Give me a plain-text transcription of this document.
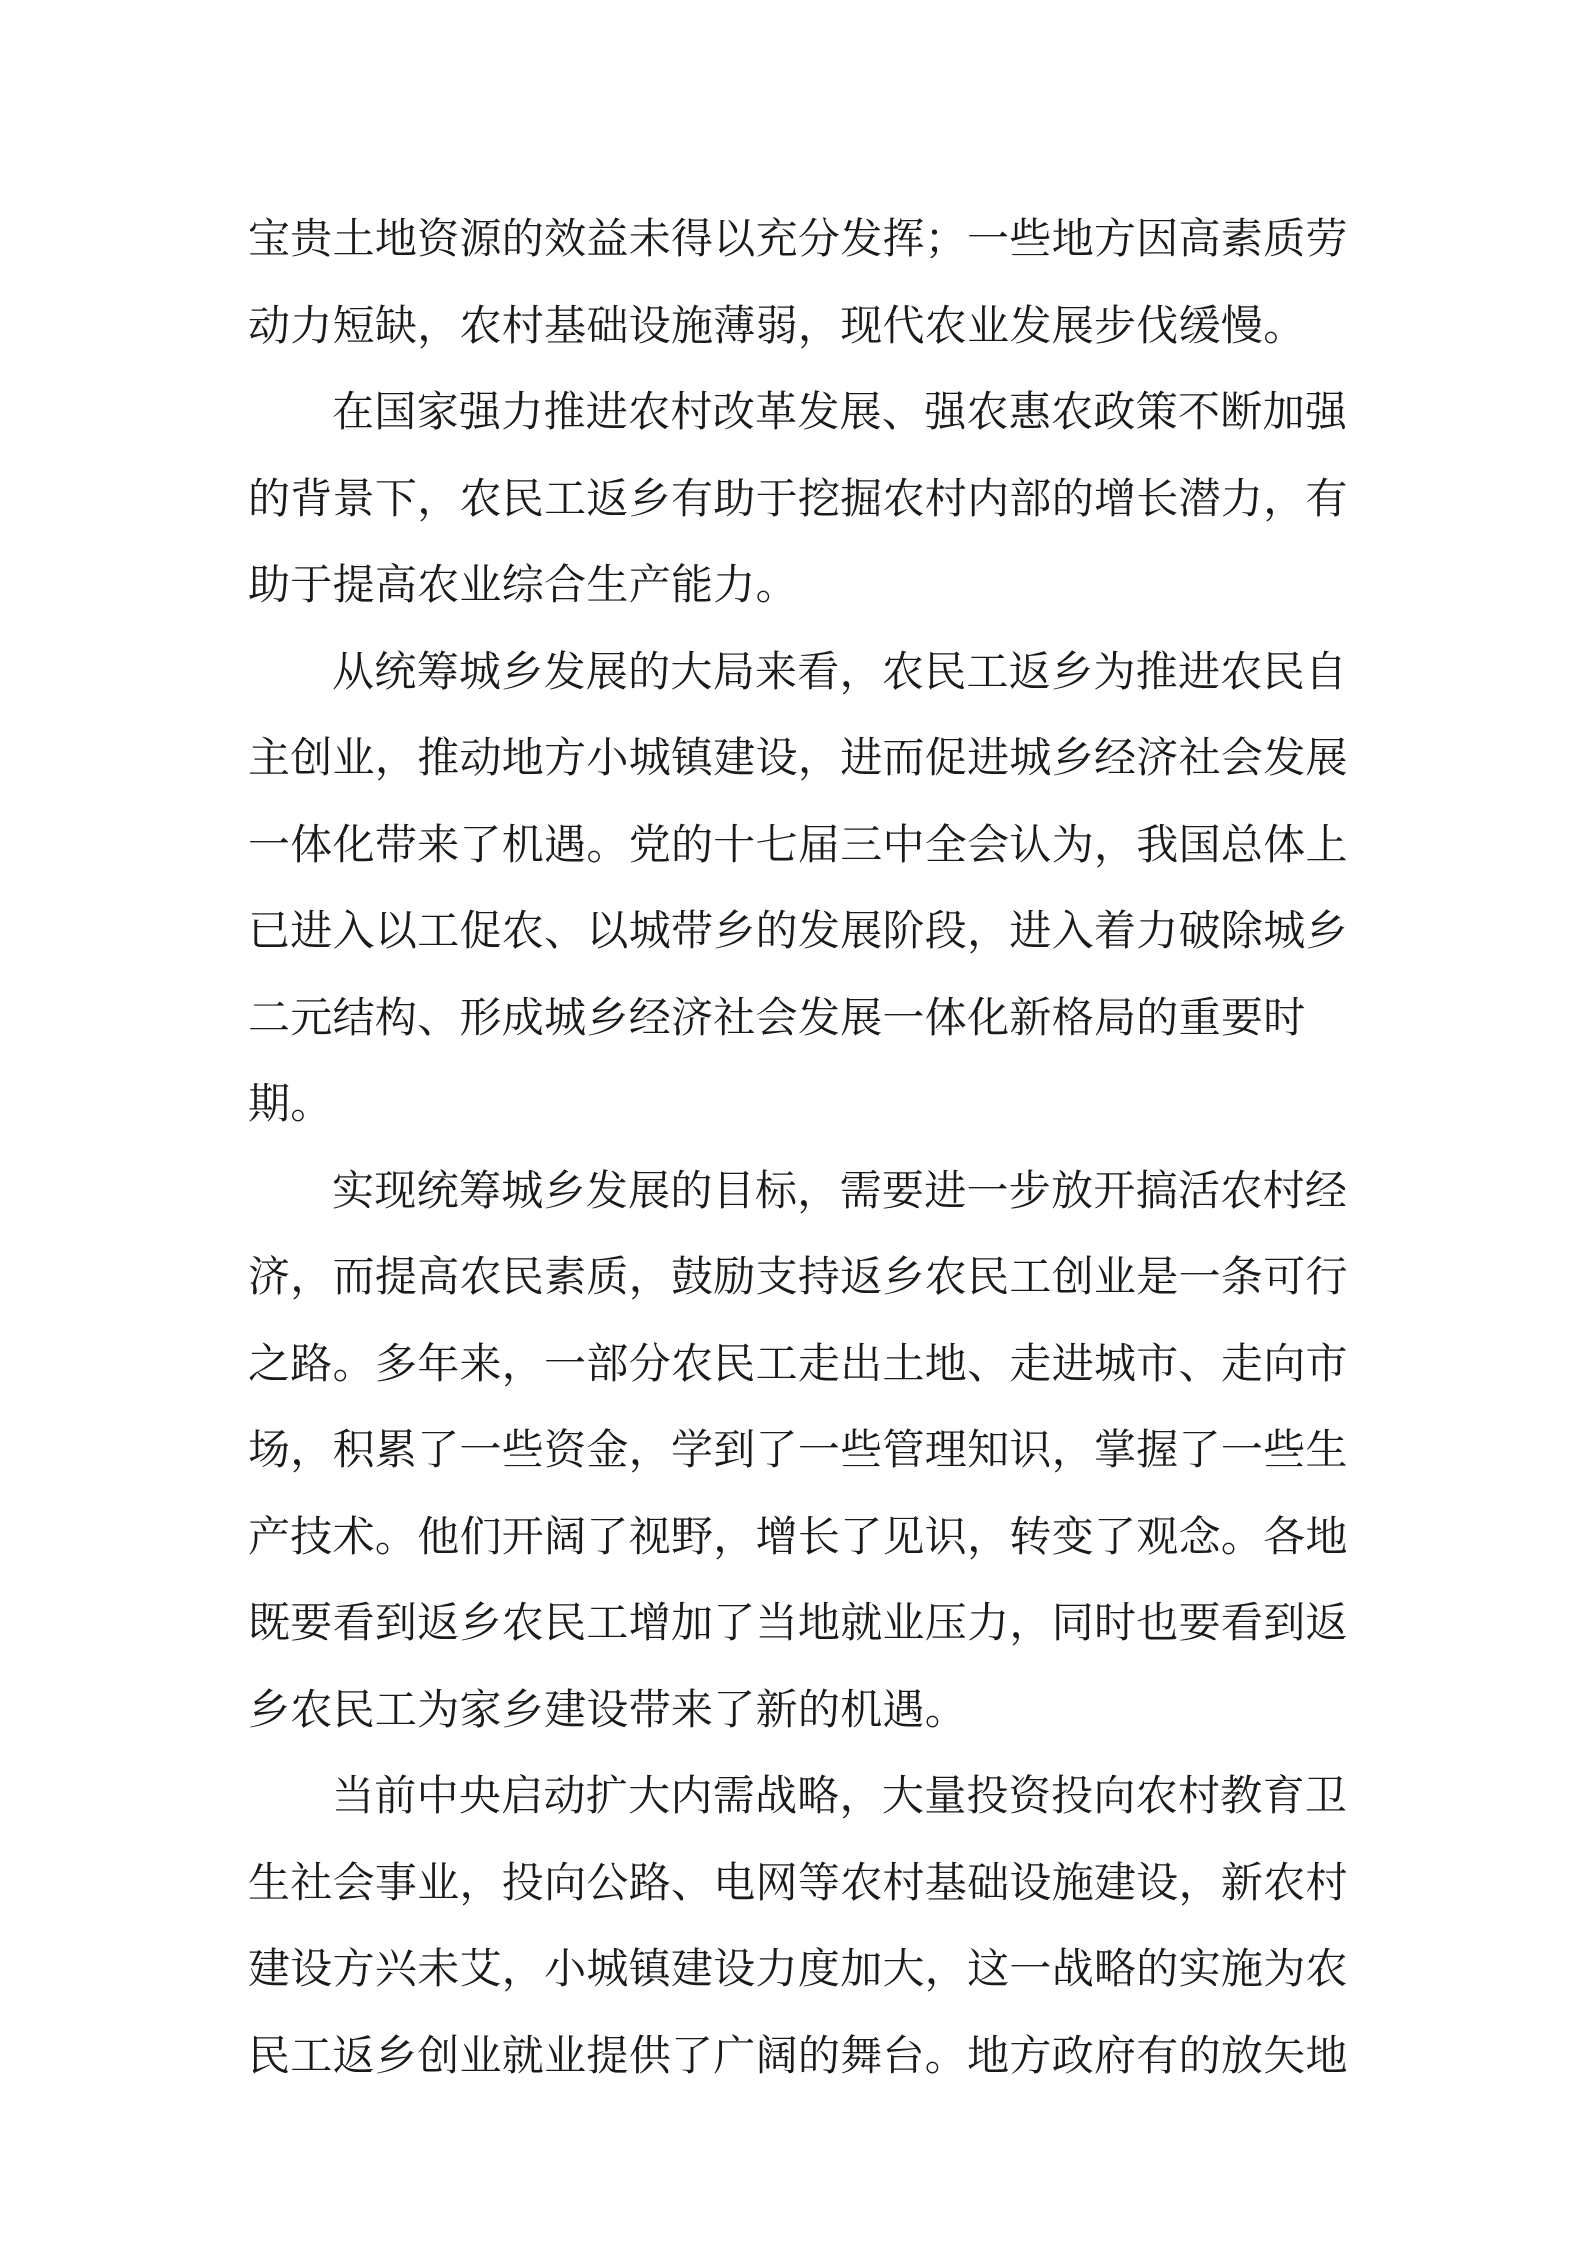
宝贵土地资源的效益未得以充分发挥；一些地方因高素质劳
动力短缺，农村基础设施薄弱，现代农业发展步伐缓慢。
在国家强力推进农村改革发展、强农惠农政策不断加强
的背景下，农民工返乡有助于挖掘农村内部的增长潜力，有
助于提高农业综合生产能力。
从统筹城乡发展的大局来看，农民工返乡为推进农民自
主创业，推动地方小城镇建设，进而促进城乡经济社会发展
一体化带来了机遇。党的十七届三中全会认为，我国总体上
已进入以工促农、以城带乡的发展阶段，进入着力破除城乡
二元结构、形成城乡经济社会发展一体化新格局的重要时
期。
实现统筹城乡发展的目标，需要进一步放开搞活农村经
济，而提高农民素质，鼓励支持返乡农民工创业是一条可行
之路。多年来，一部分农民工走出土地、走进城市、走向市
场，积累了一些资金，学到了一些管理知识，掌握了一些生
产技术。他们开阔了视野，增长了见识，转变了观念。各地
既要看到返乡农民工增加了当地就业压力，同时也要看到返
乡农民工为家乡建设带来了新的机遇。
当前中央启动扩大内需战略，大量投资投向农村教育卫
生社会事业，投向公路、电网等农村基础设施建设，新农村
建设方兴未艾，小城镇建设力度加大，这一战略的实施为农
民工返乡创业就业提供了广阔的舞台。地方政府有的放矢地
